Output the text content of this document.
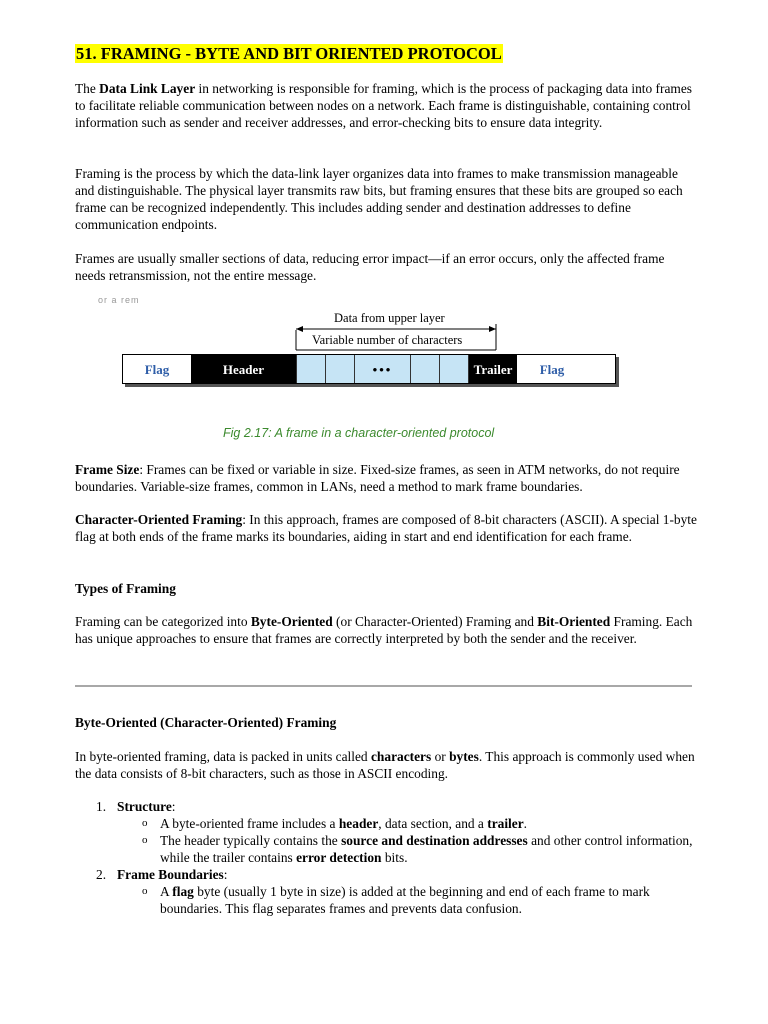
51. FRAMING - BYTE AND BIT ORIENTED PROTOCOL

The Data Link Layer in networking is responsible for framing, which is the process of packaging data into frames to facilitate reliable communication between nodes on a network. Each frame is distinguishable, containing control information such as sender and receiver addresses, and error-checking bits to ensure data integrity.

Framing is the process by which the data-link layer organizes data into frames to make transmission manageable and distinguishable. The physical layer transmits raw bits, but framing ensures that these bits are grouped so each frame can be recognized independently. This includes adding sender and destination addresses to define communication endpoints.

Frames are usually smaller sections of data, reducing error impact—if an error occurs, only the affected frame needs retransmission, not the entire message.

or a rem
Data from upper layer
Variable number of characters
Flag	Header	•••	Trailer	Flag
Fig 2.17: A frame in a character-oriented protocol

Frame Size: Frames can be fixed or variable in size. Fixed-size frames, as seen in ATM networks, do not require boundaries. Variable-size frames, common in LANs, need a method to mark frame boundaries.

Character-Oriented Framing: In this approach, frames are composed of 8-bit characters (ASCII). A special 1-byte flag at both ends of the frame marks its boundaries, aiding in start and end identification for each frame.

Types of Framing

Framing can be categorized into Byte-Oriented (or Character-Oriented) Framing and Bit-Oriented Framing. Each has unique approaches to ensure that frames are correctly interpreted by both the sender and the receiver.

Byte-Oriented (Character-Oriented) Framing

In byte-oriented framing, data is packed in units called characters or bytes. This approach is commonly used when the data consists of 8-bit characters, such as those in ASCII encoding.

1. Structure:
o A byte-oriented frame includes a header, data section, and a trailer.
o The header typically contains the source and destination addresses and other control information, while the trailer contains error detection bits.
2. Frame Boundaries:
o A flag byte (usually 1 byte in size) is added at the beginning and end of each frame to mark boundaries. This flag separates frames and prevents data confusion.
